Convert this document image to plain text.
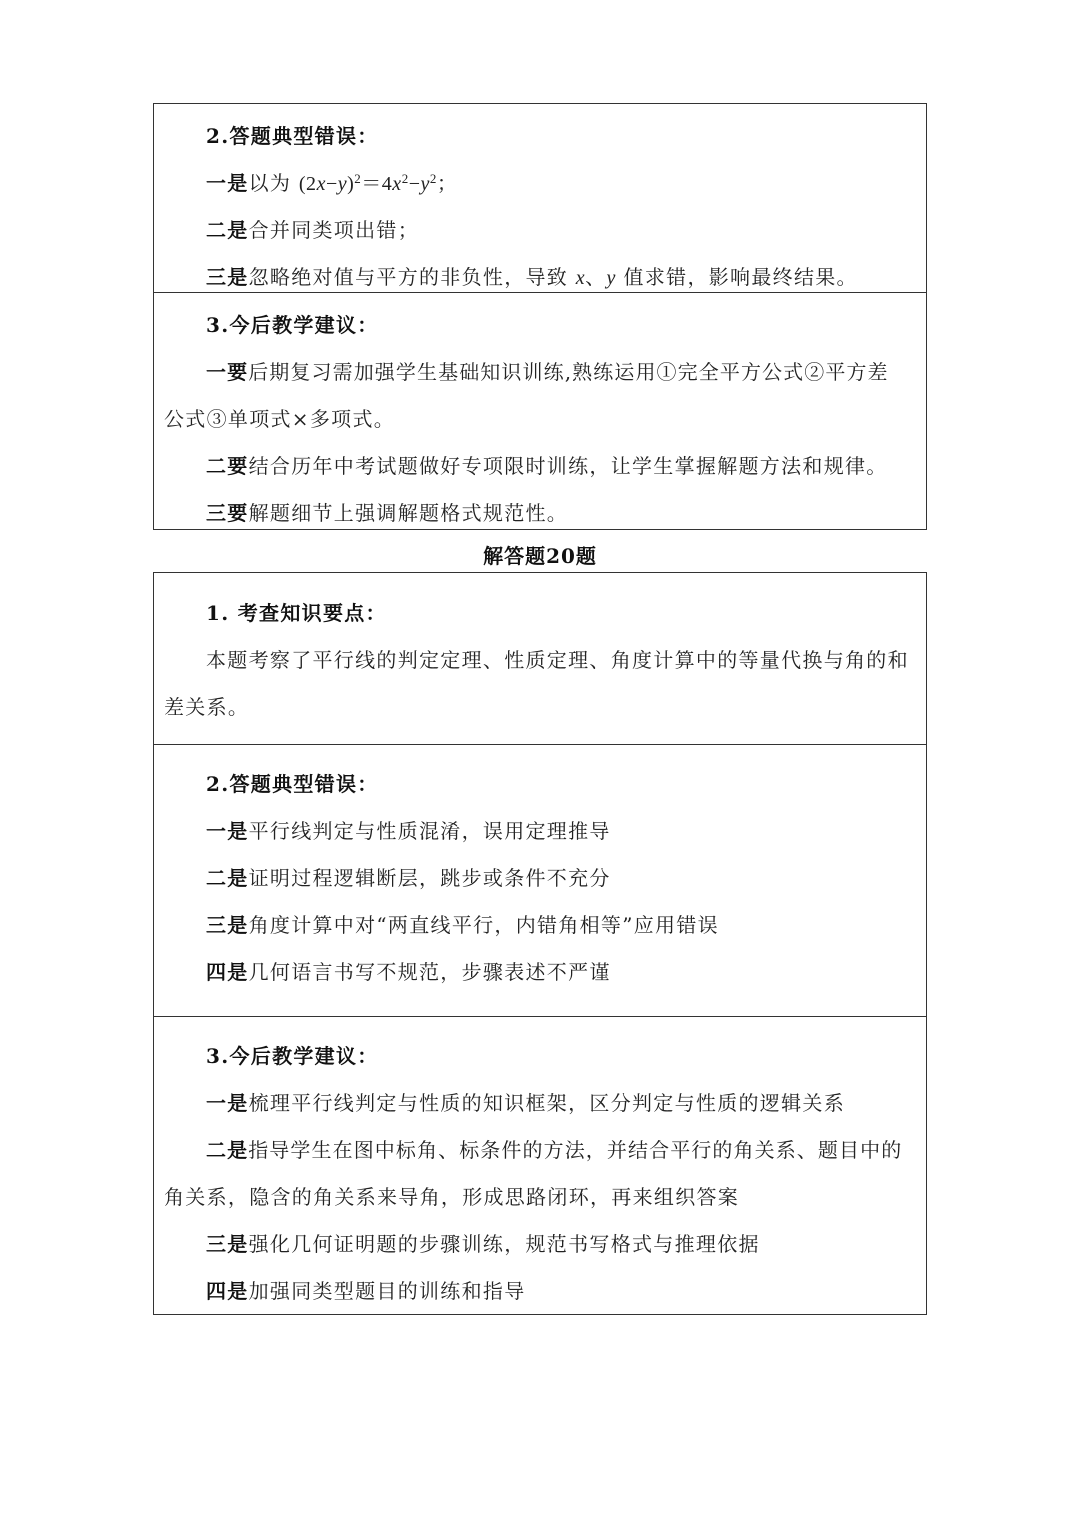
2.答题典型错误：
一是以为 $(2x-y)^2=4x^2-y^2$；
二是合并同类项出错；
三是忽略绝对值与平方的非负性，导致 x、y 值求错，影响最终结果。
3.今后教学建议：
一要后期复习需加强学生基础知识训练,熟练运用①完全平方公式②平方差
公式③单项式×多项式。
二要结合历年中考试题做好专项限时训练，让学生掌握解题方法和规律。
三要解题细节上强调解题格式规范性。
解答题20题
1. 考查知识要点：
本题考察了平行线的判定定理、性质定理、角度计算中的等量代换与角的和
差关系。
2.答题典型错误：
一是平行线判定与性质混淆，误用定理推导
二是证明过程逻辑断层，跳步或条件不充分
三是角度计算中对“两直线平行，内错角相等”应用错误
四是几何语言书写不规范，步骤表述不严谨
3.今后教学建议：
一是梳理平行线判定与性质的知识框架，区分判定与性质的逻辑关系
二是指导学生在图中标角、标条件的方法，并结合平行的角关系、题目中的
角关系，隐含的角关系来导角，形成思路闭环，再来组织答案
三是强化几何证明题的步骤训练，规范书写格式与推理依据
四是加强同类型题目的训练和指导
